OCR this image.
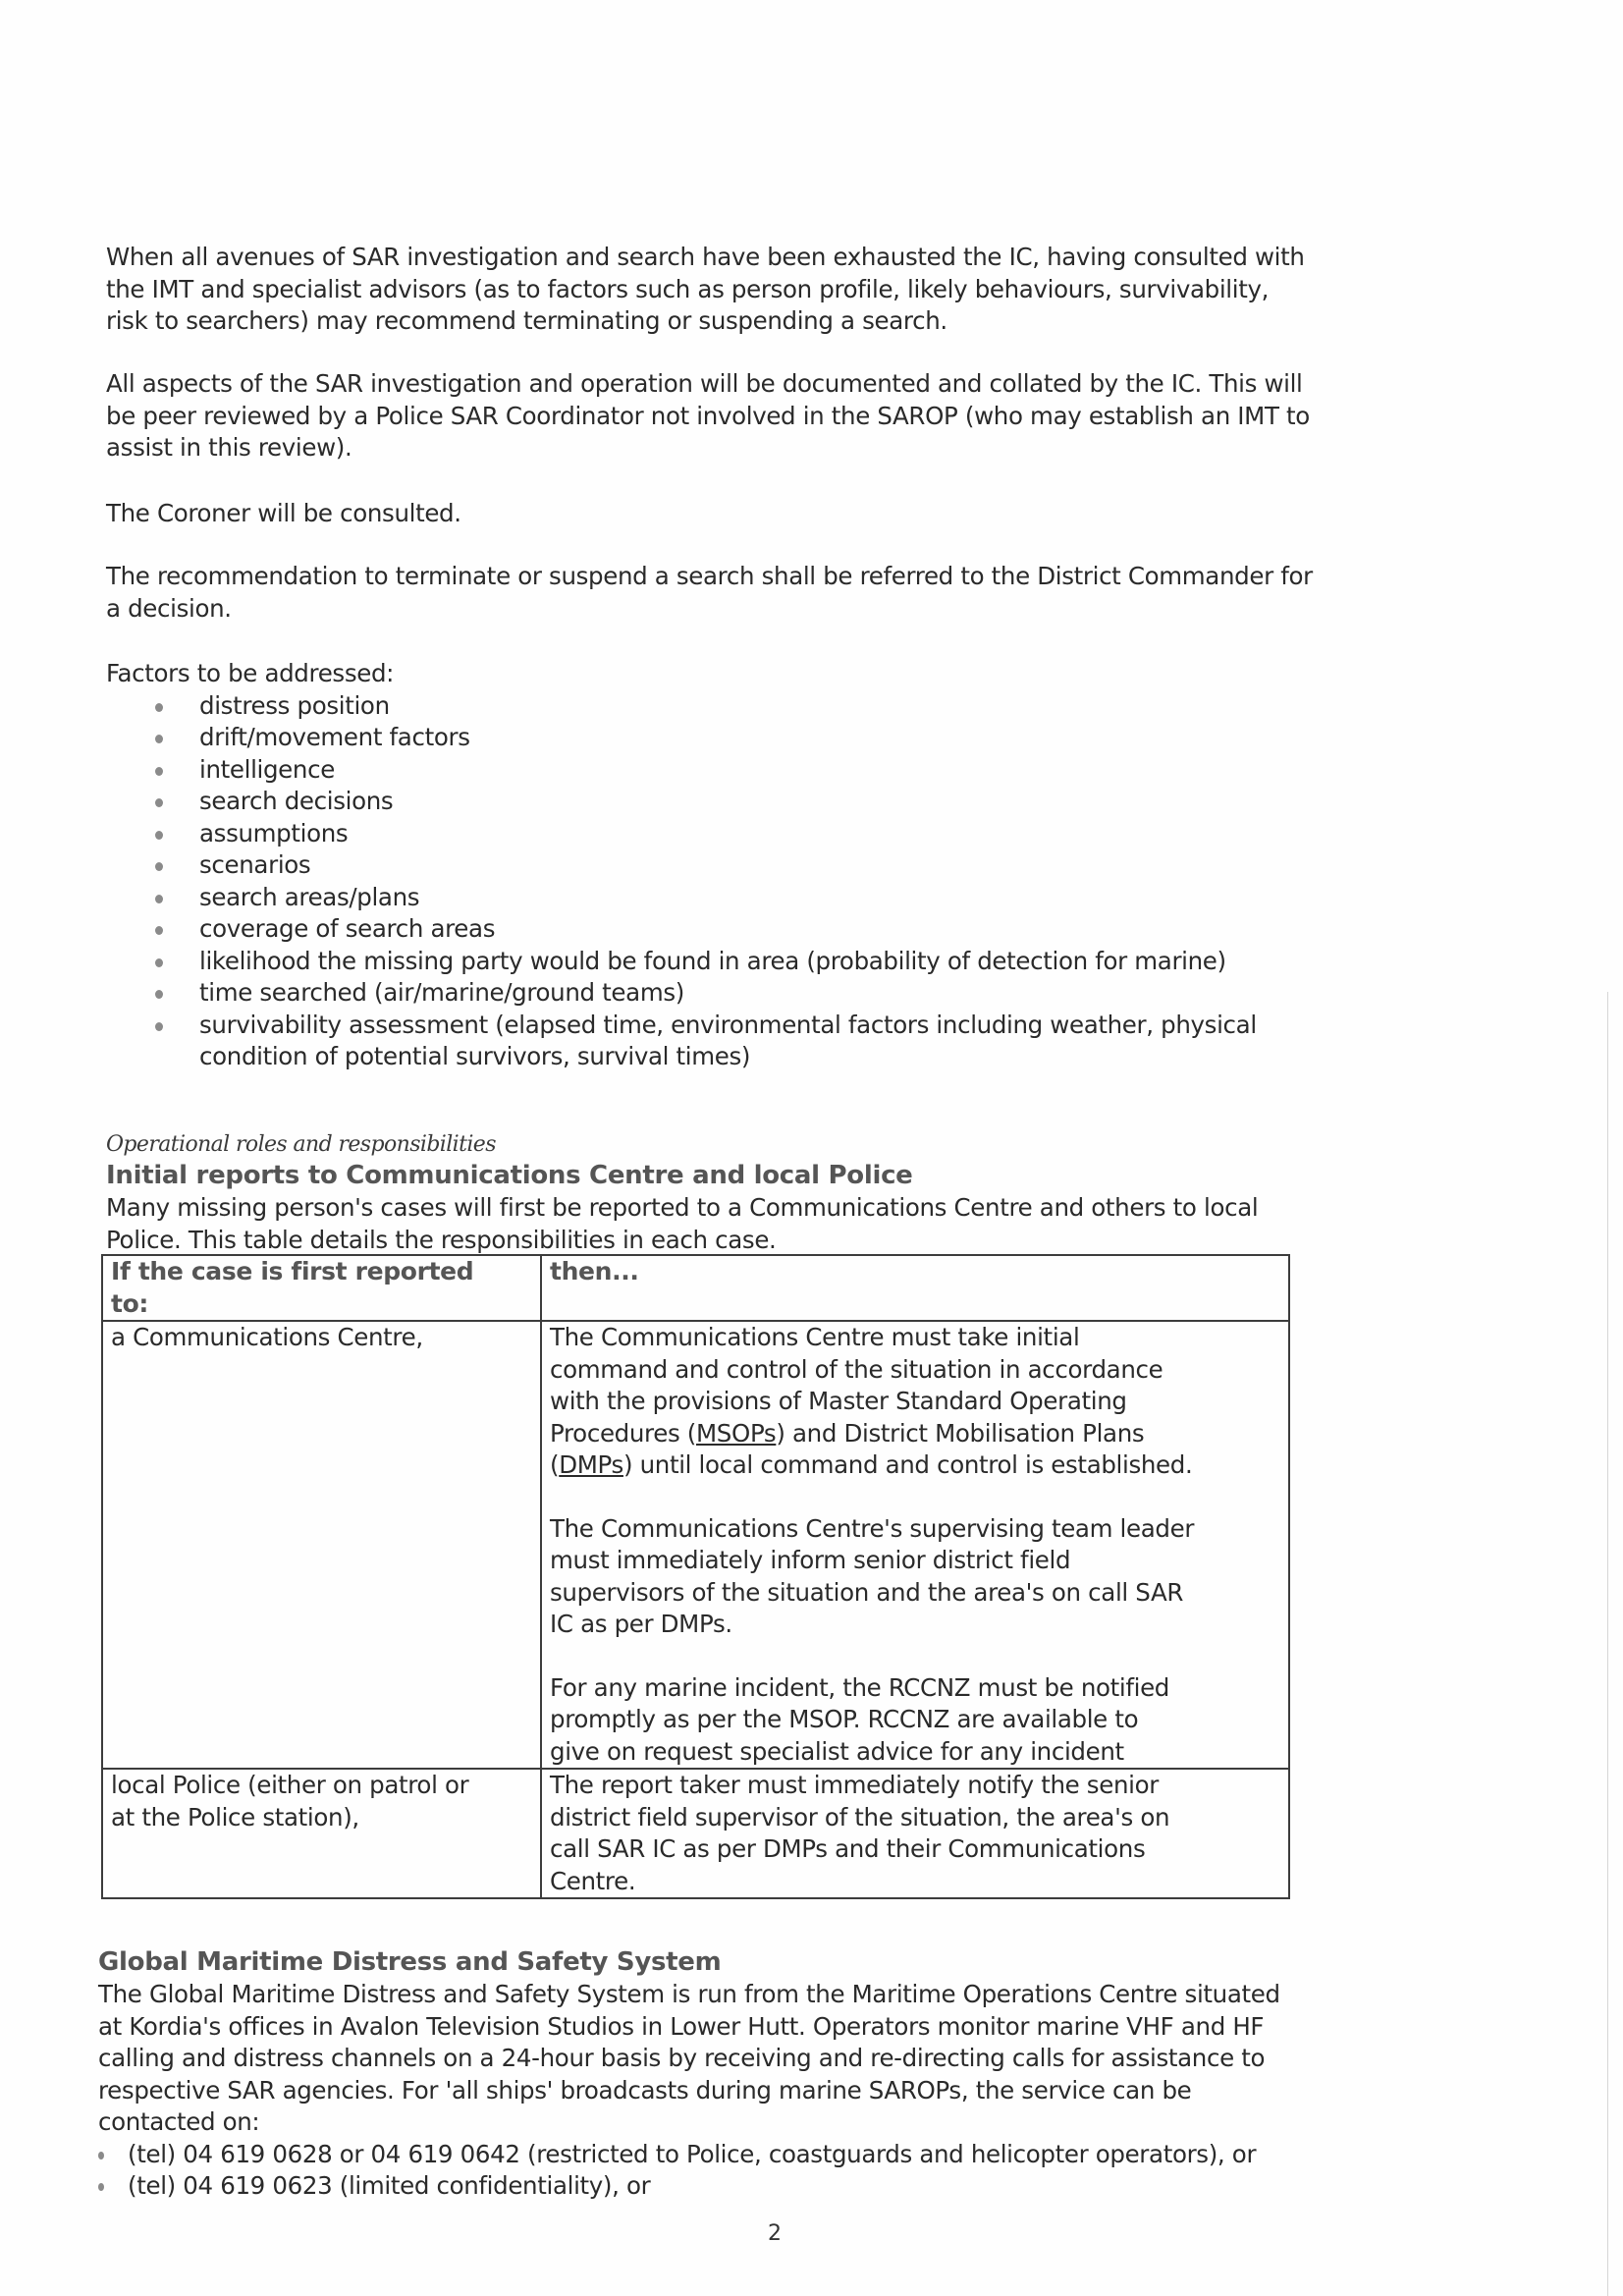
When all avenues of SAR investigation and search have been exhausted the IC, having consulted with
the IMT and specialist advisors (as to factors such as person profile, likely behaviours, survivability,
risk to searchers) may recommend terminating or suspending a search.
All aspects of the SAR investigation and operation will be documented and collated by the IC. This will
be peer reviewed by a Police SAR Coordinator not involved in the SAROP (who may establish an IMT to
assist in this review).
The Coroner will be consulted.
The recommendation to terminate or suspend a search shall be referred to the District Commander for
a decision.
Factors to be addressed:
distress position
drift/movement factors
intelligence
search decisions
assumptions
scenarios
search areas/plans
coverage of search areas
likelihood the missing party would be found in area (probability of detection for marine)
time searched (air/marine/ground teams)
survivability assessment (elapsed time, environmental factors including weather, physical
condition of potential survivors, survival times)
Operational roles and responsibilities
Initial reports to Communications Centre and local Police
Many missing person's cases will first be reported to a Communications Centre and others to local
Police. This table details the responsibilities in each case.
If the case is first reported
to:	then...

a Communications Centre,	The Communications Centre must take initial
command and control of the situation in accordance
with the provisions of Master Standard Operating
Procedures (MSOPs) and District Mobilisation Plans
(DMPs) until local command and control is established.
The Communications Centre's supervising team leader
must immediately inform senior district field
supervisors of the situation and the area's on call SAR
IC as per DMPs.
For any marine incident, the RCCNZ must be notified
promptly as per the MSOP. RCCNZ are available to
give on request specialist advice for any incident

local Police (either on patrol or
at the Police station),	The report taker must immediately notify the senior
district field supervisor of the situation, the area's on
call SAR IC as per DMPs and their Communications
Centre.
Global Maritime Distress and Safety System
The Global Maritime Distress and Safety System is run from the Maritime Operations Centre situated
at Kordia's offices in Avalon Television Studios in Lower Hutt. Operators monitor marine VHF and HF
calling and distress channels on a 24-hour basis by receiving and re-directing calls for assistance to
respective SAR agencies. For 'all ships' broadcasts during marine SAROPs, the service can be
contacted on:
(tel) 04 619 0628 or 04 619 0642 (restricted to Police, coastguards and helicopter operators), or
(tel) 04 619 0623 (limited confidentiality), or
2
